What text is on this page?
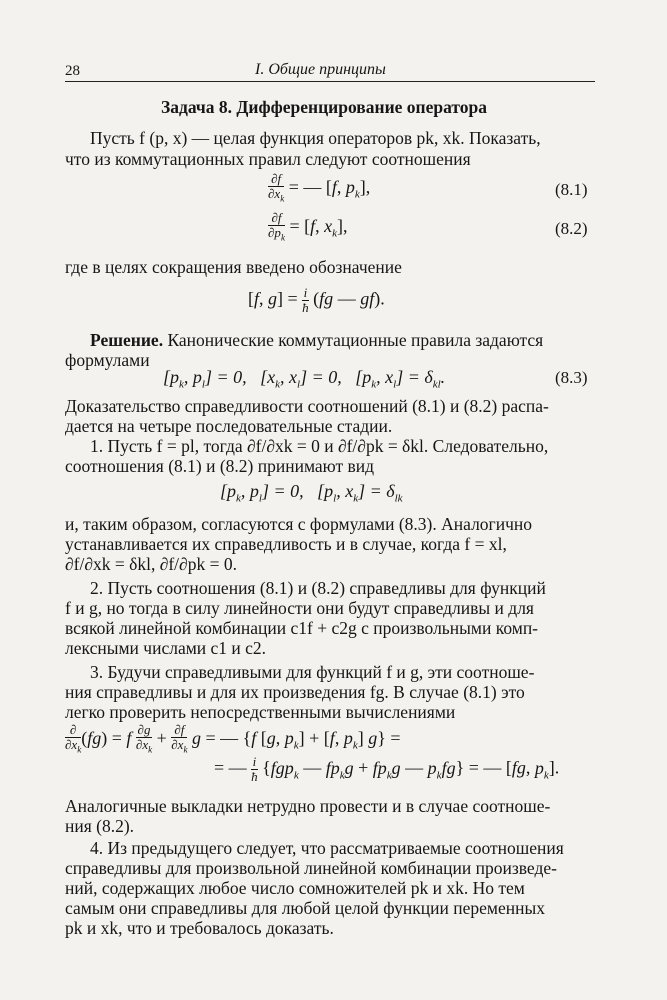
28	I. Общие принципы
Задача 8. Дифференцирование оператора
Пусть f (p, x) — целая функция операторов pk, xk. Показать,
что из коммутационных правил следуют соотношения
$\frac{\partial f}{\partial x_k}$ = — [f, $p_k$],	(8.1)
$\frac{\partial f}{\partial p_k} = [f$, $x_k$],	(8.2)
где в целях сокращения введено обозначение
[f, $g] = \frac{i}{ħ} (fg$ — gf).
Решение. Канонические коммутационные правила задаются
формулами
[$p_k$, $p_l] = 0$,   [$x_k$, $x_l] = 0$,   [$p_k$, $x_l] = \delta_{kl}$.	(8.3)
Доказательство справедливости соотношений (8.1) и (8.2) распа-
дается на четыре последовательные стадии.
1. Пусть f = pl, тогда ∂f/∂xk = 0 и ∂f/∂pk = δkl. Следовательно,
соотношения (8.1) и (8.2) принимают вид
[$p_k$, $p_l] = 0$,   [$p_l$, $x_k] = \delta_{lk}$
и, таким образом, согласуются с формулами (8.3). Аналогично
устанавливается их справедливость и в случае, когда f = xl,
∂f/∂xk = δkl, ∂f/∂pk = 0.
2. Пусть соотношения (8.1) и (8.2) справедливы для функций
f и g, но тогда в силу линейности они будут справедливы и для
всякой линейной комбинации c1f + c2g с произвольными комп-
лексными числами c1 и c2.
3. Будучи справедливыми для функций f и g, эти соотноше-
ния справедливы и для их произведения fg. В случае (8.1) это
легко проверить непосредственными вычислениями
$\frac{\partial}{\partial x_k} (fg) = f \frac{\partial g}{\partial x_k} + \frac{\partial f}{\partial x_k}$ g = — {f [g, $p_k] + [f$, $p_k$] g} =
= — $\frac{i}{ħ} \{fgp_k$ — $fp_kg + fp_kg$ — $p_kfg$} = — [fg, $p_k$].
Аналогичные выкладки нетрудно провести и в случае соотноше-
ния (8.2).
4. Из предыдущего следует, что рассматриваемые соотношения
справедливы для произвольной линейной комбинации произведе-
ний, содержащих любое число сомножителей pk и xk. Но тем
самым они справедливы для любой целой функции переменных
pk и xk, что и требовалось доказать.
